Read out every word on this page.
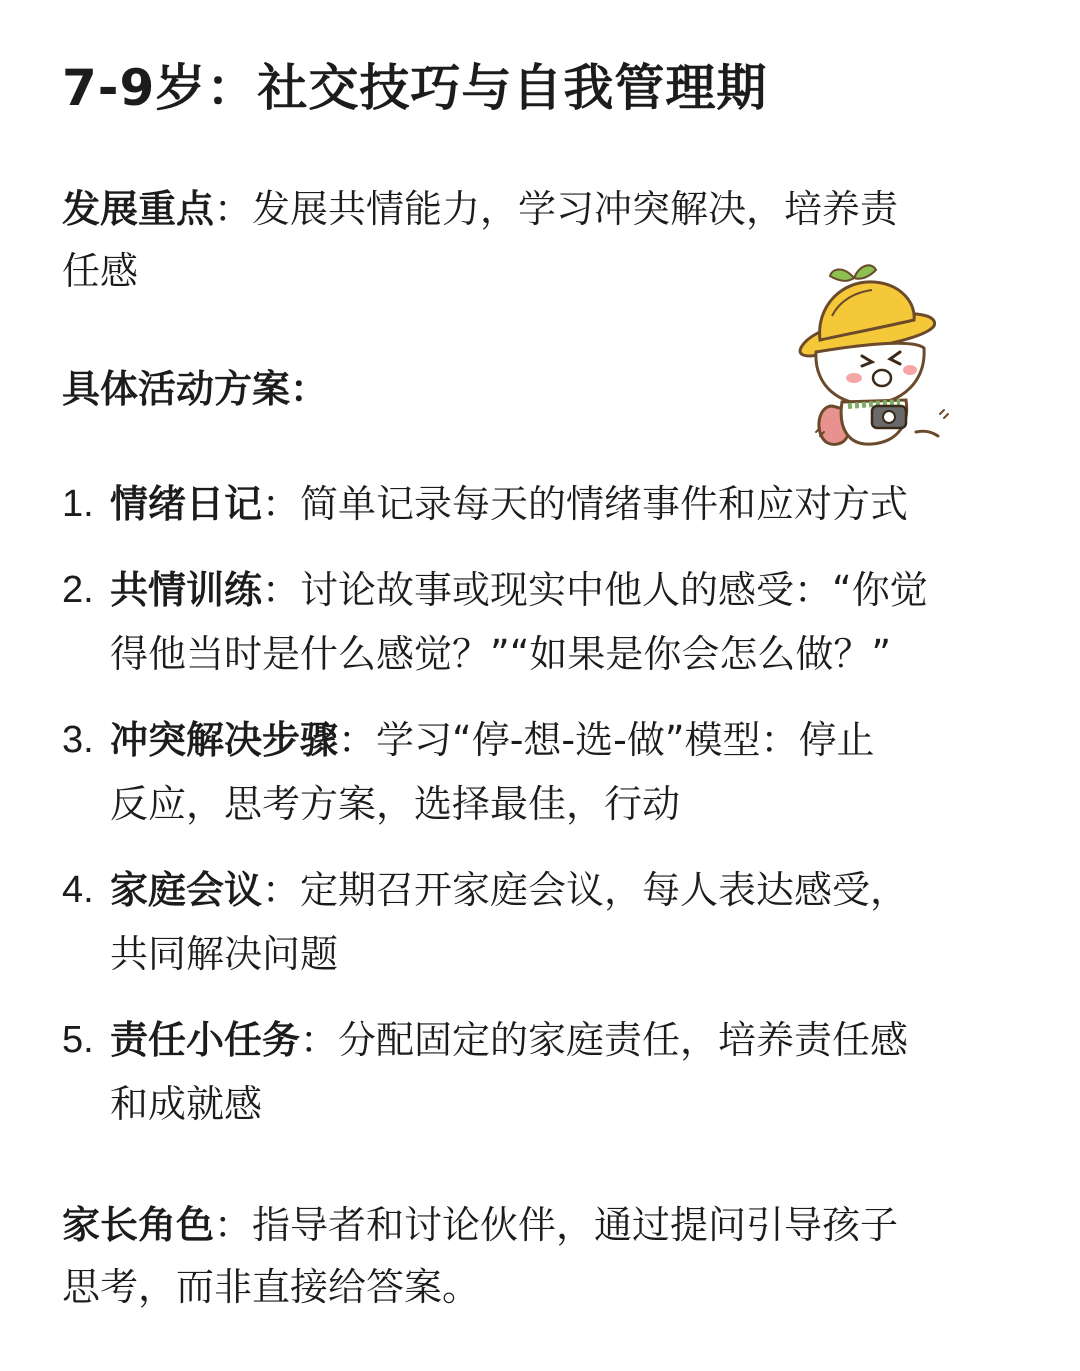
7-9岁：社交技巧与自我管理期
发展重点：发展共情能力，学习冲突解决，培养责
任感
具体活动方案：
1. 情绪日记：简单记录每天的情绪事件和应对方式
2. 共情训练：讨论故事或现实中他人的感受：“你觉
得他当时是什么感觉？”“如果是你会怎么做？”
3. 冲突解决步骤：学习“停-想-选-做”模型：停止
反应，思考方案，选择最佳，行动
4. 家庭会议：定期召开家庭会议，每人表达感受，
共同解决问题
5. 责任小任务：分配固定的家庭责任，培养责任感
和成就感
家长角色：指导者和讨论伙伴，通过提问引导孩子
思考，而非直接给答案。
